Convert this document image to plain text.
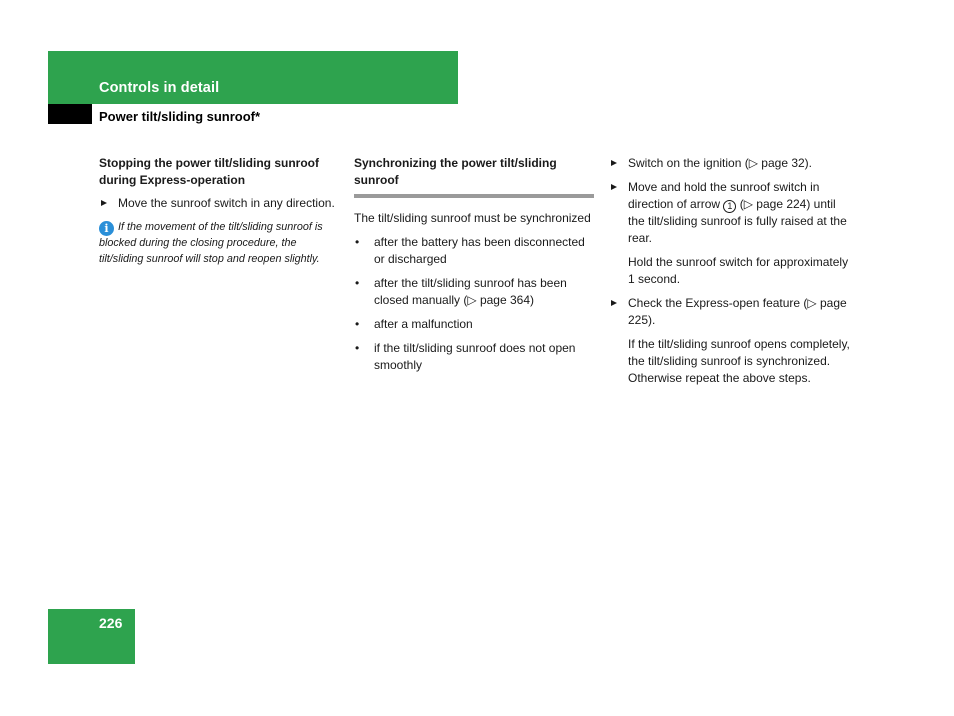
Controls in detail
Power tilt/sliding sunroof*
Stopping the power tilt/sliding sunroof during Express-operation
Move the sunroof switch in any direction.
i If the movement of the tilt/sliding sunroof is blocked during the closing procedure, the tilt/sliding sunroof will stop and reopen slightly.
Synchronizing the power tilt/sliding sunroof
The tilt/sliding sunroof must be synchronized
• after the battery has been disconnected or discharged
• after the tilt/sliding sunroof has been closed manually (▷ page 364)
• after a malfunction
• if the tilt/sliding sunroof does not open smoothly
Switch on the ignition (▷ page 32).
Move and hold the sunroof switch in direction of arrow 1 (▷ page 224) until the tilt/sliding sunroof is fully raised at the rear.
Hold the sunroof switch for approximately 1 second.
Check the Express-open feature (▷ page 225).
If the tilt/sliding sunroof opens completely, the tilt/sliding sunroof is synchronized. Otherwise repeat the above steps.
226
